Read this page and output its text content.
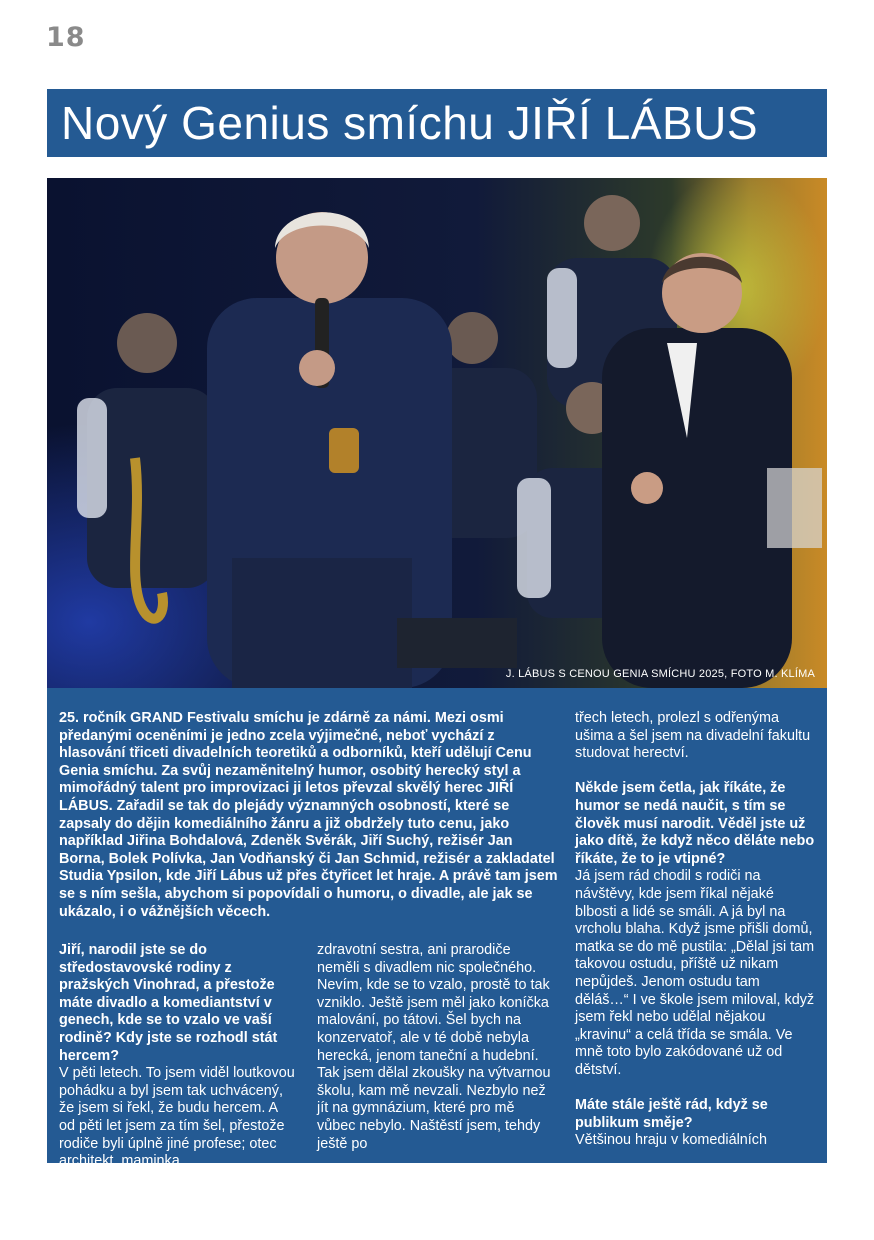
18
Nový Genius smíchu JIŘÍ LÁBUS
J. LÁBUS S CENOU GENIA SMÍCHU 2025, FOTO M. KLÍMA

25. ročník GRAND Festivalu smíchu je zdárně za námi. Mezi osmi předanými oceněními je jedno zcela výjimečné, neboť vychází z hlasování třiceti divadelních teoretiků a odborníků, kteří udělují Cenu Genia smíchu. Za svůj nezaměnitelný humor, osobitý herecký styl a mimořádný talent pro improvizaci ji letos převzal skvělý herec JIŘÍ LÁBUS. Zařadil se tak do plejády významných osobností, které se zapsaly do dějin komediálního žánru a již obdržely tuto cenu, jako například Jiřina Bohdalová, Zdeněk Svěrák, Jiří Suchý, režisér Jan Borna, Bolek Polívka, Jan Vodňanský či Jan Schmid, režisér a zakladatel Studia Ypsilon, kde Jiří Lábus už přes čtyřicet let hraje. A právě tam jsem se s ním sešla, abychom si popovídali o humoru, o divadle, ale jak se ukázalo, i o vážnějších věcech.

Jiří, narodil jste se do středostavovské rodiny z pražských Vinohrad, a přestože máte divadlo a komediantství v genech, kde se to vzalo ve vaší rodině? Kdy jste se rozhodl stát hercem?

V pěti letech. To jsem viděl loutkovou pohádku a byl jsem tak uchvácený, že jsem si řekl, že budu hercem. A od pěti let jsem za tím šel, přestože rodiče byli úplně jiné profese; otec architekt, maminka

zdravotní sestra, ani prarodiče neměli s divadlem nic společného. Nevím, kde se to vzalo, prostě to tak vzniklo. Ještě jsem měl jako koníčka malování, po tátovi. Šel bych na konzervatoř, ale v té době nebyla herecká, jenom taneční a hudební. Tak jsem dělal zkoušky na výtvarnou školu, kam mě nevzali. Nezbylo než jít na gymnázium, které pro mě vůbec nebylo. Naštěstí jsem, tehdy ještě po

třech letech, prolezl s odřenýma ušima a šel jsem na divadelní fakultu studovat herectví.

Někde jsem četla, jak říkáte, že humor se nedá naučit, s tím se člověk musí narodit. Věděl jste už jako dítě, že když něco děláte nebo říkáte, že to je vtipné?

Já jsem rád chodil s rodiči na návštěvy, kde jsem říkal nějaké blbosti a lidé se smáli. A já byl na vrcholu blaha. Když jsme přišli domů, matka se do mě pustila: „Dělal jsi tam takovou ostudu, příště už nikam nepůjdeš. Jenom ostudu tam děláš…“ I ve škole jsem miloval, když jsem řekl nebo udělal nějakou „kravinu“ a celá třída se smála. Ve mně toto bylo zakódované už od dětství.

Máte stále ještě rád, když se publikum směje?

Většinou hraju v komediálních
